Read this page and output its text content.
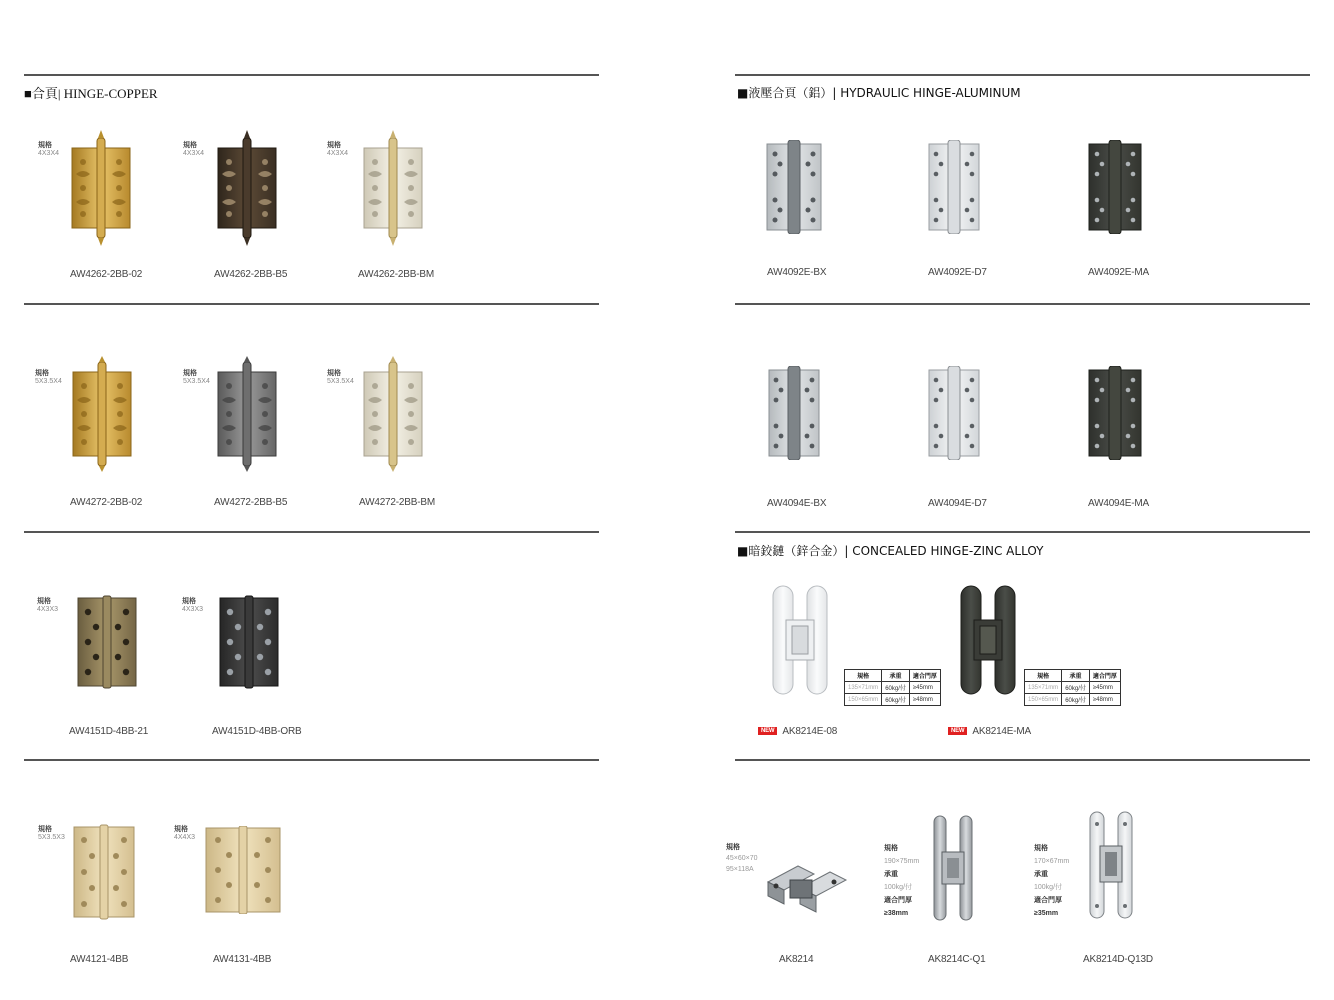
■合頁| HINGE-COPPER	■液壓合頁（鋁）| HYDRAULIC HINGE-ALUMINUM
■暗鉸鏈（鋅合金）| CONCEALED HINGE-ZINC ALLOY
規格
4X3X4
AW4262-2BB-02
規格
4X3X4
AW4262-2BB-B5
規格
4X3X4
AW4262-2BB-BM
規格
5X3.5X4
AW4272-2BB-02
規格
5X3.5X4
AW4272-2BB-B5
規格
5X3.5X4
AW4272-2BB-BM
規格
4X3X3
AW4151D-4BB-21
規格
4X3X3
AW4151D-4BB-ORB
規格
5X3.5X3
AW4121-4BB
規格
4X4X3
AW4131-4BB
AW4092E-BX	AW4092E-D7	AW4092E-MA
AW4094E-BX	AW4094E-D7	AW4094E-MA
規格	承重	適合門厚
135×71mm	60kg/付	≥45mm
150×65mm	60kg/付	≥48mm
NEW AK8214E-08
規格	承重	適合門厚
135×71mm	60kg/付	≥45mm
150×65mm	60kg/付	≥48mm
NEW AK8214E-MA
規格
45×60×70
95×118A
AK8214
規格
190×75mm
承重
100kg/付
適合門厚
≥38mm
AK8214C-Q1
規格
170×67mm
承重
100kg/付
適合門厚
≥35mm
AK8214D-Q13D
